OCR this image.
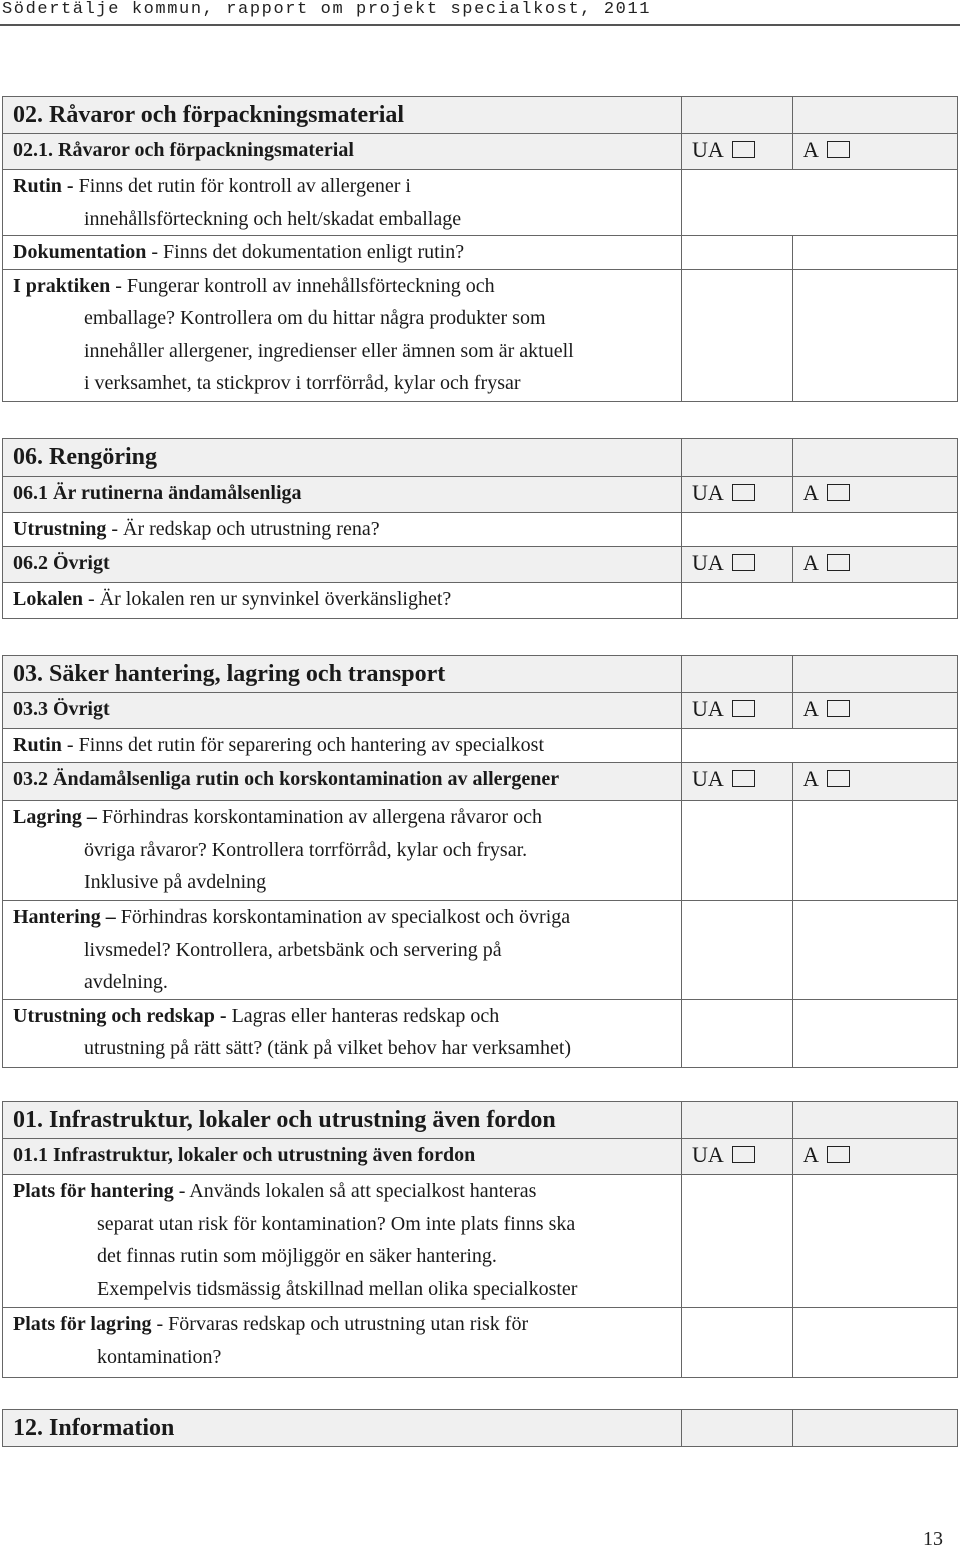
Södertälje kommun, rapport om projekt specialkost, 2011
02. Råvaror och förpackningsmaterial		
02.1. Råvaror och förpackningsmaterial	UA	A
Rutin - Finns det rutin för kontroll av allergener i
innehållsförteckning och helt/skadat emballage		

Dokumentation - Finns det dokumentation enligt rutin?		
I praktiken - Fungerar kontroll av innehållsförteckning och
emballage? Kontrollera om du hittar några produkter som
innehåller allergener, ingredienser eller ämnen som är aktuell
i verksamhet, ta stickprov i torrförråd, kylar och frysar		

06. Rengöring		
06.1 Är rutinerna ändamålsenliga	UA	A
Utrustning - Är redskap och utrustning rena?		
06.2 Övrigt	UA	A
Lokalen - Är lokalen ren ur synvinkel överkänslighet?		
03. Säker hantering, lagring och transport		
03.3 Övrigt	UA	A
Rutin - Finns det rutin för separering och hantering av specialkost		
03.2 Ändamålsenliga rutin och korskontamination av allergener	UA	A
Lagring – Förhindras korskontamination av allergena råvaror och
övriga råvaror? Kontrollera torrförråd, kylar och frysar.
Inklusive på avdelning		

Hantering – Förhindras korskontamination av specialkost och övriga
livsmedel? Kontrollera, arbetsbänk och servering på
avdelning.		

Utrustning och redskap - Lagras eller hanteras redskap och
utrustning på rätt sätt? (tänk på vilket behov har verksamhet)		

01. Infrastruktur, lokaler och utrustning även fordon		
01.1 Infrastruktur, lokaler och utrustning även fordon	UA	A
Plats för hantering - Används lokalen så att specialkost hanteras
separat utan risk för kontamination? Om inte plats finns ska
det finnas rutin som möjliggör en säker hantering.
Exempelvis tidsmässig åtskillnad mellan olika specialkoster		

Plats för lagring - Förvaras redskap och utrustning utan risk för
kontamination?		

12. Information		
13
